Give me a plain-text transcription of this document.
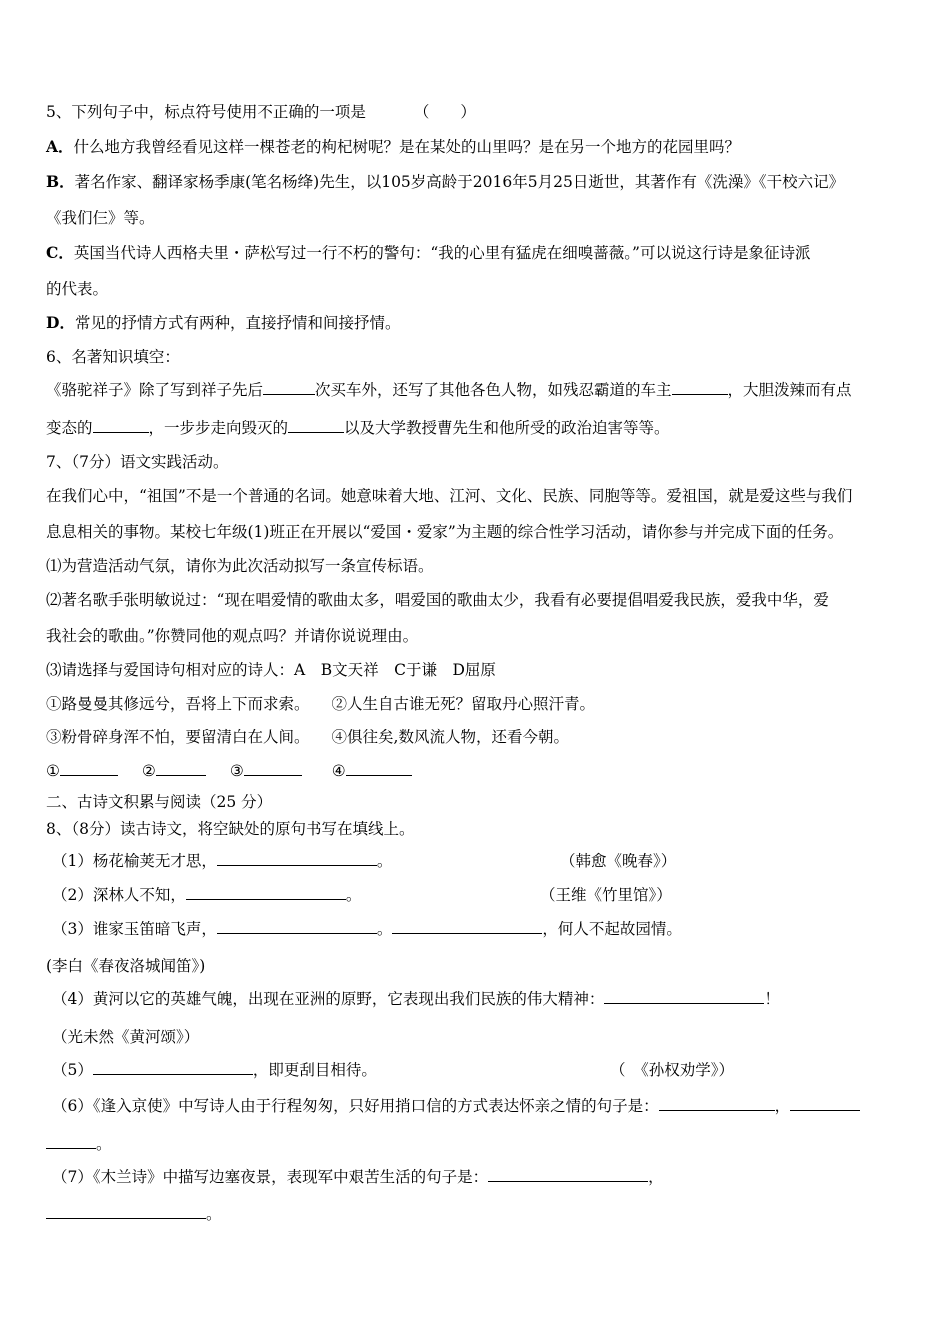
5、下列句子中，标点符号使用不正确的一项是	（　　）

A．什么地方我曾经看见这样一棵苍老的枸杞树呢？是在某处的山里吗？是在另一个地方的花园里吗？

B．著名作家、翻译家杨季康(笔名杨绛)先生，以105岁高龄于2016年5月25日逝世，其著作有《洗澡》《干校六记》

《我们仨》等。

C．英国当代诗人西格夫里・萨松写过一行不朽的警句：“我的心里有猛虎在细嗅蔷薇。”可以说这行诗是象征诗派

的代表。

D．常见的抒情方式有两种，直接抒情和间接抒情。

6、名著知识填空：

《骆驼祥子》除了写到祥子先后	次买车外，还写了其他各色人物，如残忍霸道的车主	，大胆泼辣而有点

变态的	，一步步走向毁灭的	以及大学教授曹先生和他所受的政治迫害等等。

7、（7分）语文实践活动。

在我们心中，“祖国”不是一个普通的名词。她意味着大地、江河、文化、民族、同胞等等。爱祖国，就是爱这些与我们

息息相关的事物。某校七年级(1)班正在开展以“爱国・爱家”为主题的综合性学习活动，请你参与并完成下面的任务。

⑴为营造活动气氛，请你为此次活动拟写一条宣传标语。

⑵著名歌手张明敏说过：“现在唱爱情的歌曲太多，唱爱国的歌曲太少，我看有必要提倡唱爱我民族，爱我中华，爱

我社会的歌曲。”你赞同他的观点吗？并请你说说理由。

⑶请选择与爱国诗句相对应的诗人：A　B文天祥　C于谦　D屈原

①路曼曼其修远兮，吾将上下而求索。 ②人生自古谁无死？留取丹心照汗青。

③粉骨碎身浑不怕，要留清白在人间。 ④俱往矣,数风流人物，还看今朝。

①	②	③	④

二、古诗文积累与阅读（25 分）

8、（8分）读古诗文，将空缺处的原句书写在填线上。

（1）杨花榆荚无才思，	。	（韩愈《晚春》）

（2）深林人不知，	。	（王维《竹里馆》）

（3）谁家玉笛暗飞声，	。	，何人不起故园情。

(李白《春夜洛城闻笛》)

（4）黄河以它的英雄气魄，出现在亚洲的原野，它表现出我们民族的伟大精神：	！

（光未然《黄河颂》）

（5）	，即更刮目相待。	（　《孙权劝学》）

（6）《逢入京使》中写诗人由于行程匆匆，只好用捎口信的方式表达怀亲之情的句子是：	，

。

（7）《木兰诗》中描写边塞夜景，表现军中艰苦生活的句子是：	，

。
